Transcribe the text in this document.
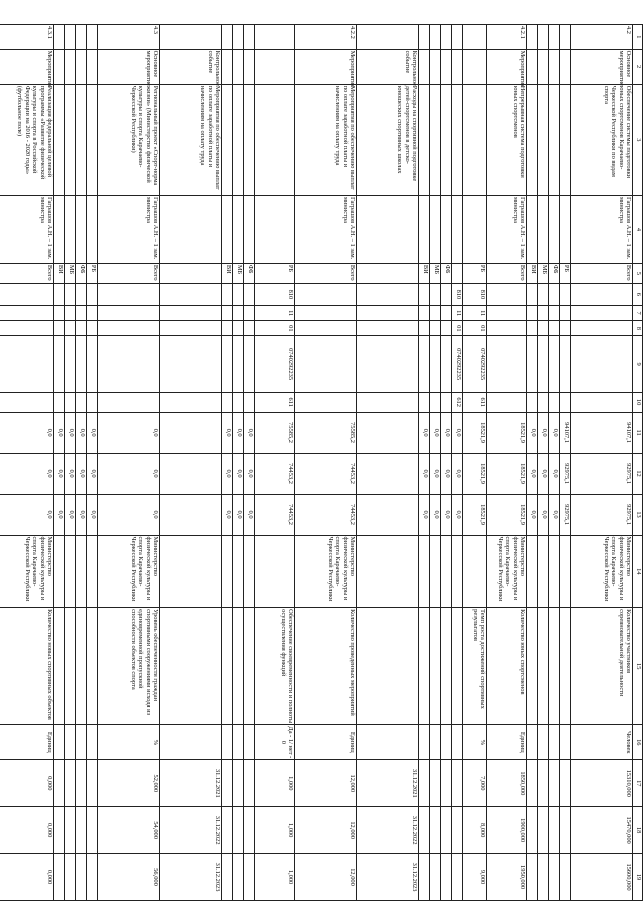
1	2	3	4	5	6	7	8	9	10	11	12	13	14	15	16	17	18	19
4.2	Основное мероприятие	Обеспечение системы подготовки юных спортсменов Карачаево-Черкесской Республики по видам спорта	Гаграшов А.Н. – 1 зам. министра	Всего						94107,1	92975,1	92975,1	Министерство физической культуры и спорта Карачаево-Черкесской Республики	Количество участников соревновательной деятельности	Человек	15310,000	15470,000	15600,000
				РБ						94107,1	92975,1	92975,1						
				ФБ						0,0	0,0	0,0						
				МБ						0,0	0,0	0,0						
				ВИ						0,0	0,0	0,0						
4.2.1	Мероприятие	Непрерывная система подготовки юных спортсменов	Гаграшов А.Н. – 1 зам. министра	Всего						18521,9	18521,9	18521,9	Министерство физической культуры и спорта Карачаево-Черкесской Республики	Количество юных спортсменов	Единиц	1850,000	1900,000	1950,000
				РБ	810	11	01	0740292235	611	18521,9	18521,9	18521,9		Темп роста достижений спортивных результатов	%	7,000	8,000	9,000
					810	11	01	0740292235	612	0,0	0,0	0,0						
				ФБ						0,0	0,0	0,0						
				МБ						0,0	0,0	0,0						
				ВИ						0,0	0,0	0,0						
	Контрольное событие	Расходы на спортивной подготовке детей-спортсменов в детско-юношеских спортивных школах														31.12.2021	31.12.2022	31.12.2023
4.2.2	Мероприятие	Мероприятия по обеспечению выплат по оплате заработной платы и начислениям на оплату труда	Гаграшов А.Н. – 1 зам. министра	Всего						75585,2	74453,2	74453,2	Министерство физической культуры и спорта Карачаево-Черкесской Республики	Количество проведенных мероприятий	Единиц	12,000	12,000	12,000
				РБ	810	11	01	0740292235	611	75585,2	74453,2	74453,2		Обеспечение своевременности и полноты осуществления функций	Да - 1/ нет - 0	1,000	1,000	1,000
				ФБ						0,0	0,0	0,0						
				МБ						0,0	0,0	0,0						
				ВИ						0,0	0,0	0,0						
	Контрольное событие	Мероприятия по обеспечению выплат по оплате заработной платы и начислениям на оплату труда														31.12.2021	31.12.2022	31.12.2023
4.3	Основное мероприятие	Региональный проект «Спорт-норма жизни» (Министерство физической культуры и спорта Карачаево-Черкесской Республики)	Гаграшов А.Н. – 1 зам. министра	Всего						0,0	0,0	0,0	Министерство физической культуры и спорта Карачаево-Черкесской Республики	Уровень обеспеченности граждан спортивными сооружениями исходя из единовременной пропускной способности объектов спорта	%	52,000	54,000	56,000
				РБ						0,0	0,0	0,0						
				ФБ						0,0	0,0	0,0						
				МБ						0,0	0,0	0,0						
				ВИ						0,0	0,0	0,0						
4.3.1	Мероприятие	Реализация федеральной целевой программы «Развитие физической культуры и спорта в Российской Федерации на 2016 - 2020 годы» (футбольное поле)	Гаграшов А.Н. – 1 зам. министра	Всего						0,0	0,0	0,0	Министерство физической культуры и спорта Карачаево-Черкесской Республики	Количество новых спортивных объектов	Единиц	0,000	0,000	0,000
